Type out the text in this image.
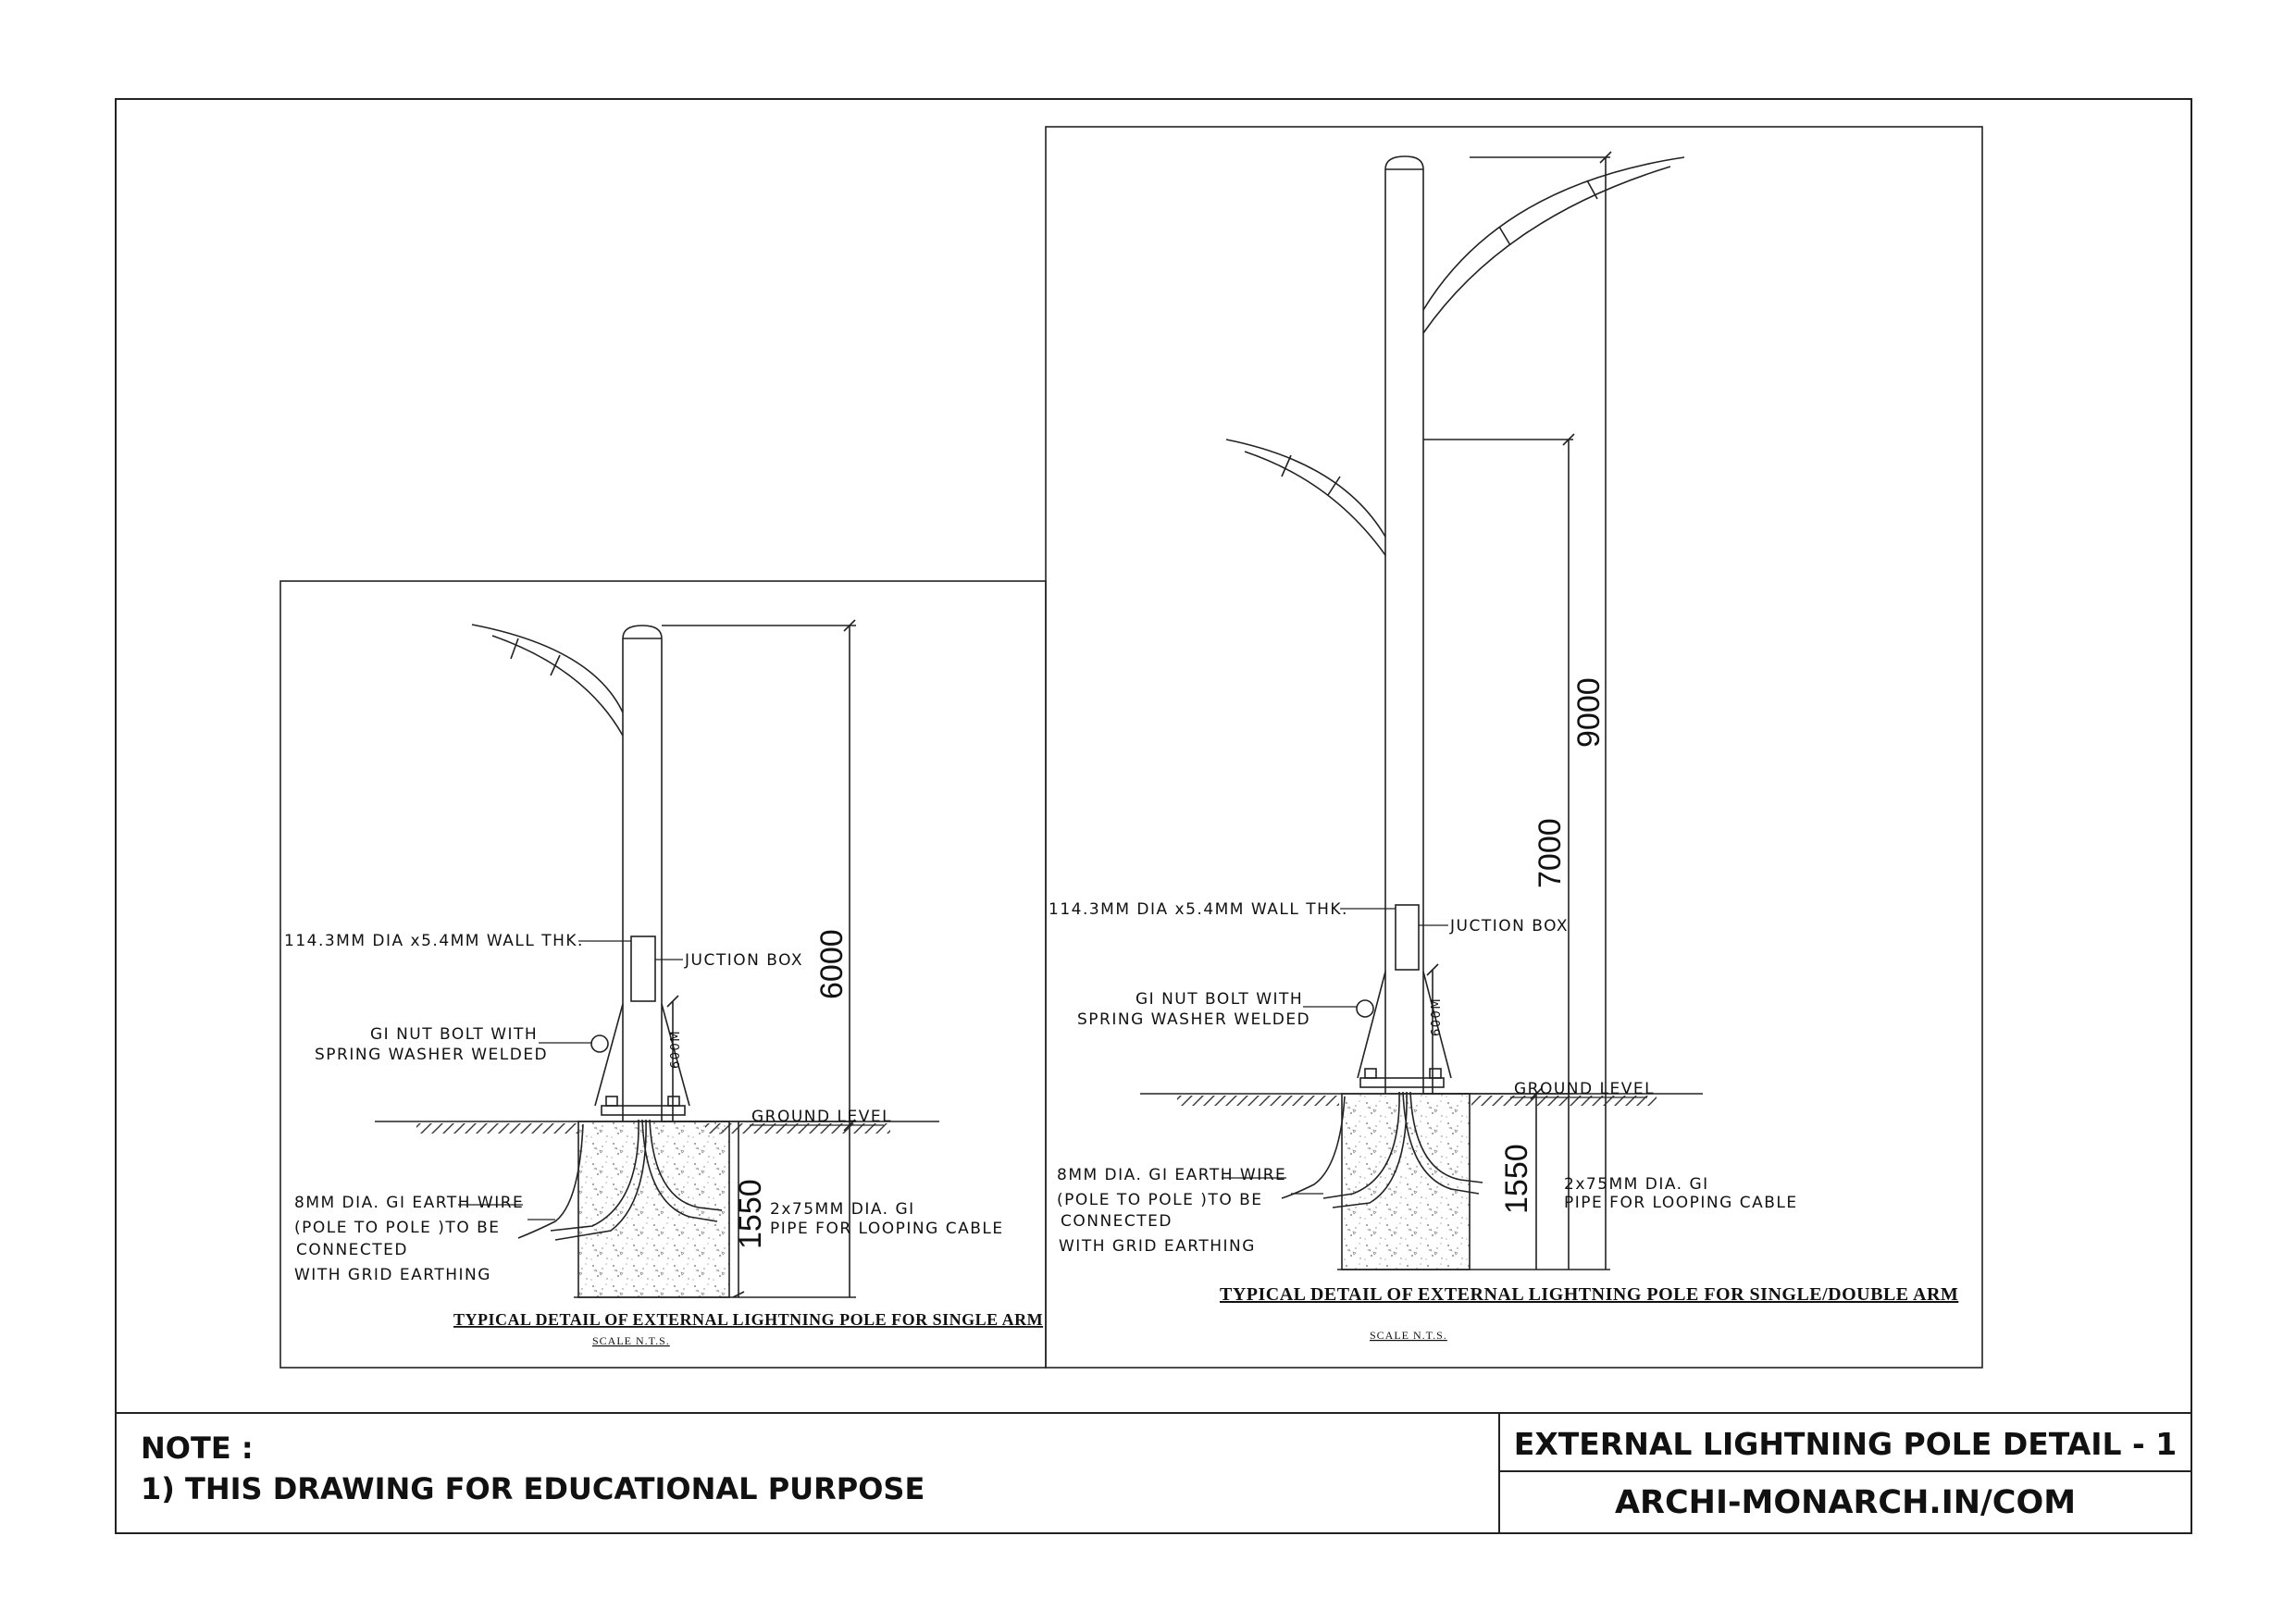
114.3MM DIA x5.4MM WALL THK.
JUCTION BOX
GI NUT BOLT WITH
SPRING WASHER WELDED	600M
GROUND LEVEL
6000
1550
8MM DIA. GI EARTH WIRE
(POLE TO POLE )TO BE
CONNECTED
WITH GRID EARTHING
2x75MM DIA. GI
PIPE FOR LOOPING CABLE
TYPICAL DETAIL OF EXTERNAL LIGHTNING POLE FOR SINGLE ARM
SCALE N.T.S.
114.3MM DIA x5.4MM WALL THK.
JUCTION BOX
GI NUT BOLT WITH
SPRING WASHER WELDED	600M
GROUND LEVEL
9000
7000
1550
8MM DIA. GI EARTH WIRE
(POLE TO POLE )TO BE
CONNECTED
WITH GRID EARTHING
2x75MM DIA. GI
PIPE FOR LOOPING CABLE
TYPICAL DETAIL OF EXTERNAL LIGHTNING POLE FOR SINGLE/DOUBLE ARM
SCALE N.T.S.
NOTE :
1) THIS DRAWING FOR EDUCATIONAL PURPOSE
EXTERNAL LIGHTNING POLE DETAIL - 1
ARCHI-MONARCH.IN/COM
